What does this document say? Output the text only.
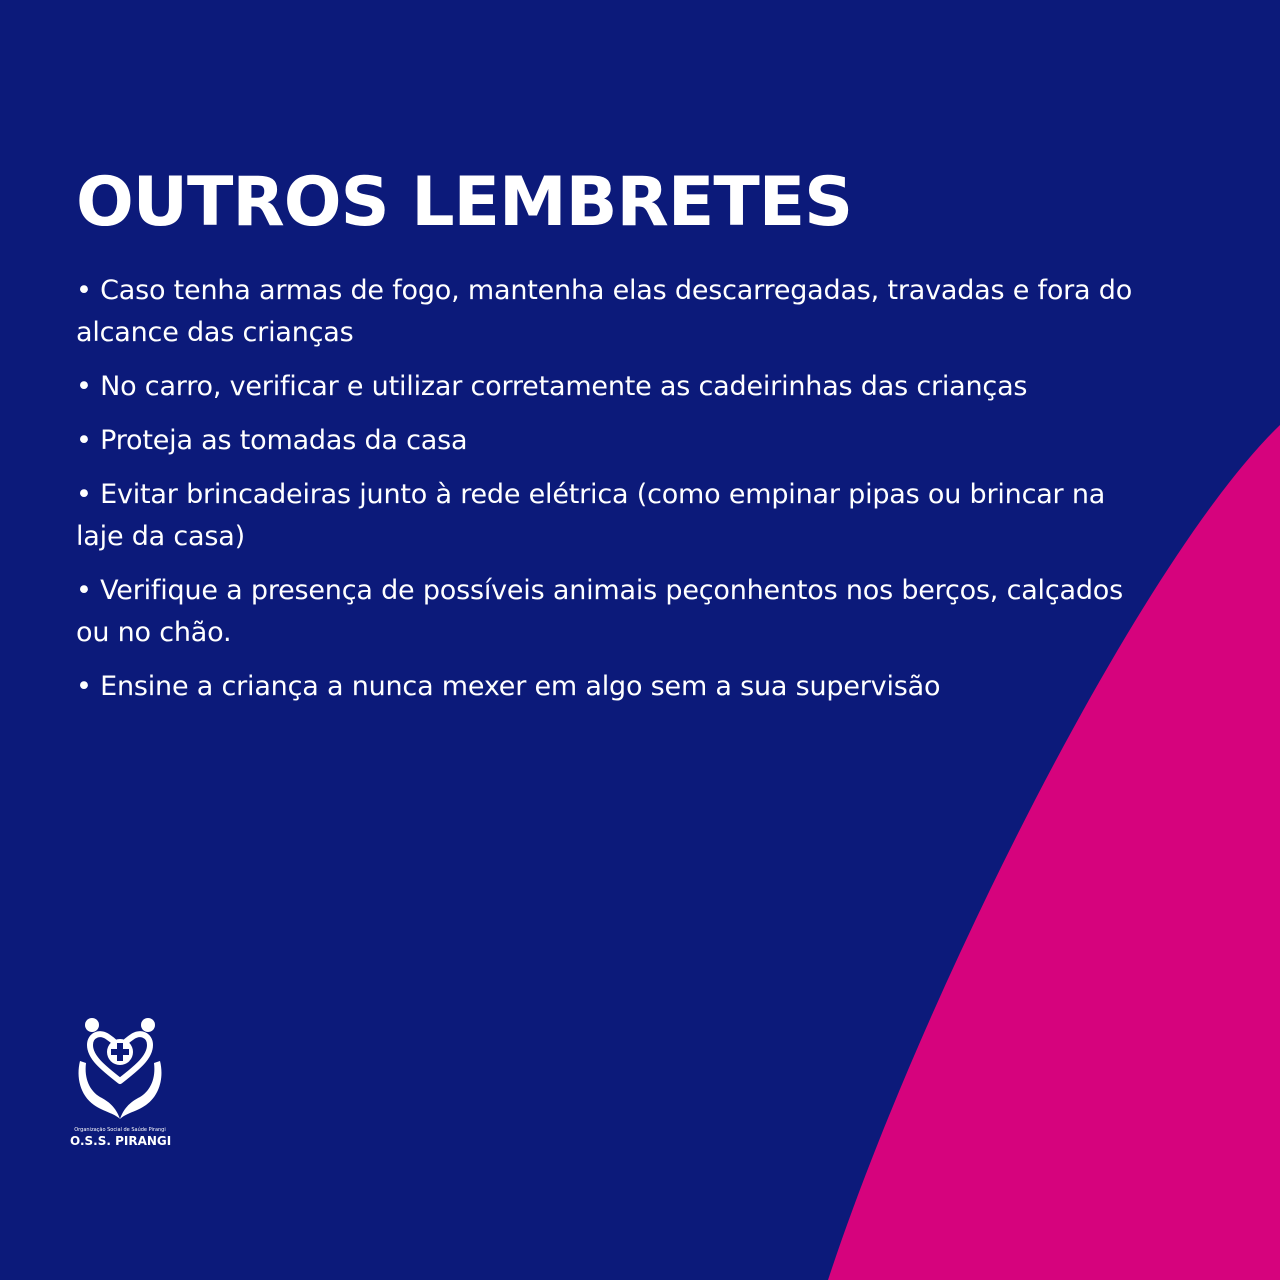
OUTROS LEMBRETES
• Caso tenha armas de fogo, mantenha elas descarregadas, travadas e fora do alcance das crianças
• No carro, verificar e utilizar corretamente as cadeirinhas das crianças
• Proteja as tomadas da casa
• Evitar brincadeiras junto à rede elétrica (como empinar pipas ou brincar na laje da casa)
• Verifique a presença de possíveis animais peçonhentos nos berços, calçados ou no chão.
• Ensine a criança a nunca mexer em algo sem a sua supervisão
Organização Social de Saúde Pirangi
O.S.S. PIRANGI
